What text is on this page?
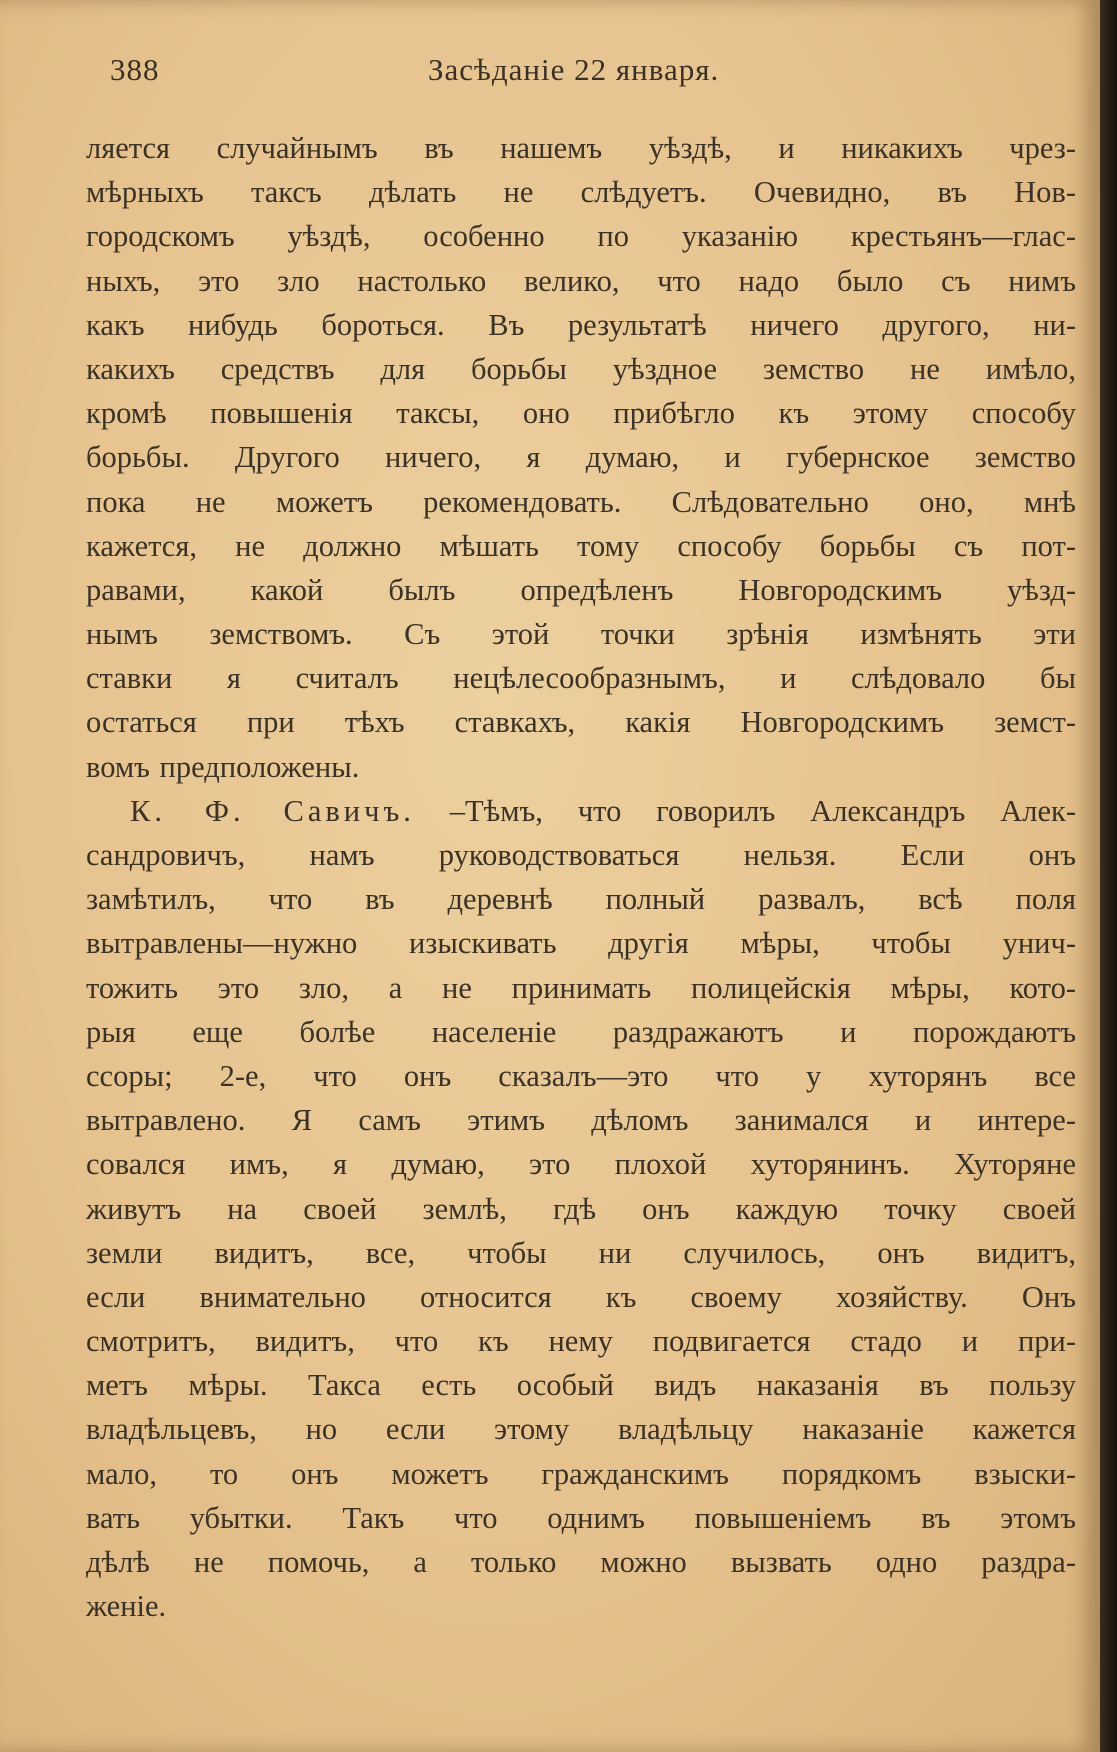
388	Засѣданіе 22 января.
ляется случайнымъ въ нашемъ уѣздѣ, и никакихъ чрез-
мѣрныхъ таксъ дѣлать не слѣдуетъ. Очевидно, въ Нов-
городскомъ уѣздѣ, особенно по указанію крестьянъ—глас-
ныхъ, это зло настолько велико, что надо было съ нимъ
какъ нибудь бороться. Въ результатѣ ничего другого, ни-
какихъ средствъ для борьбы уѣздное земство не имѣло,
кромѣ повышенія таксы, оно прибѣгло къ этому способу
борьбы. Другого ничего, я думаю, и губернское земство
пока не можетъ рекомендовать. Слѣдовательно оно, мнѣ
кажется, не должно мѣшать тому способу борьбы съ пот-
равами, какой былъ опредѣленъ Новгородскимъ уѣзд-
нымъ земствомъ. Съ этой точки зрѣнія измѣнять эти
ставки я считалъ нецѣлесообразнымъ, и слѣдовало бы
остаться при тѣхъ ставкахъ, какія Новгородскимъ земст-
вомъ предположены.
К. Ф. Савичъ. –Тѣмъ, что говорилъ Александръ Алек-
сандровичъ, намъ руководствоваться нельзя. Если онъ
замѣтилъ, что въ деревнѣ полный развалъ, всѣ поля
вытравлены—нужно изыскивать другія мѣры, чтобы унич-
тожить это зло, а не принимать полицейскія мѣры, кото-
рыя еще болѣе населеніе раздражаютъ и порождаютъ
ссоры; 2-е, что онъ сказалъ—это что у хуторянъ все
вытравлено. Я самъ этимъ дѣломъ занимался и интере-
совался имъ, я думаю, это плохой хуторянинъ. Хуторяне
живутъ на своей землѣ, гдѣ онъ каждую точку своей
земли видитъ, все, чтобы ни случилось, онъ видитъ,
если внимательно относится къ своему хозяйству. Онъ
смотритъ, видитъ, что къ нему подвигается стадо и при-
метъ мѣры. Такса есть особый видъ наказанія въ пользу
владѣльцевъ, но если этому владѣльцу наказаніе кажется
мало, то онъ можетъ гражданскимъ порядкомъ взыски-
вать убытки. Такъ что однимъ повышеніемъ въ этомъ
дѣлѣ не помочь, а только можно вызвать одно раздра-
женіе.
